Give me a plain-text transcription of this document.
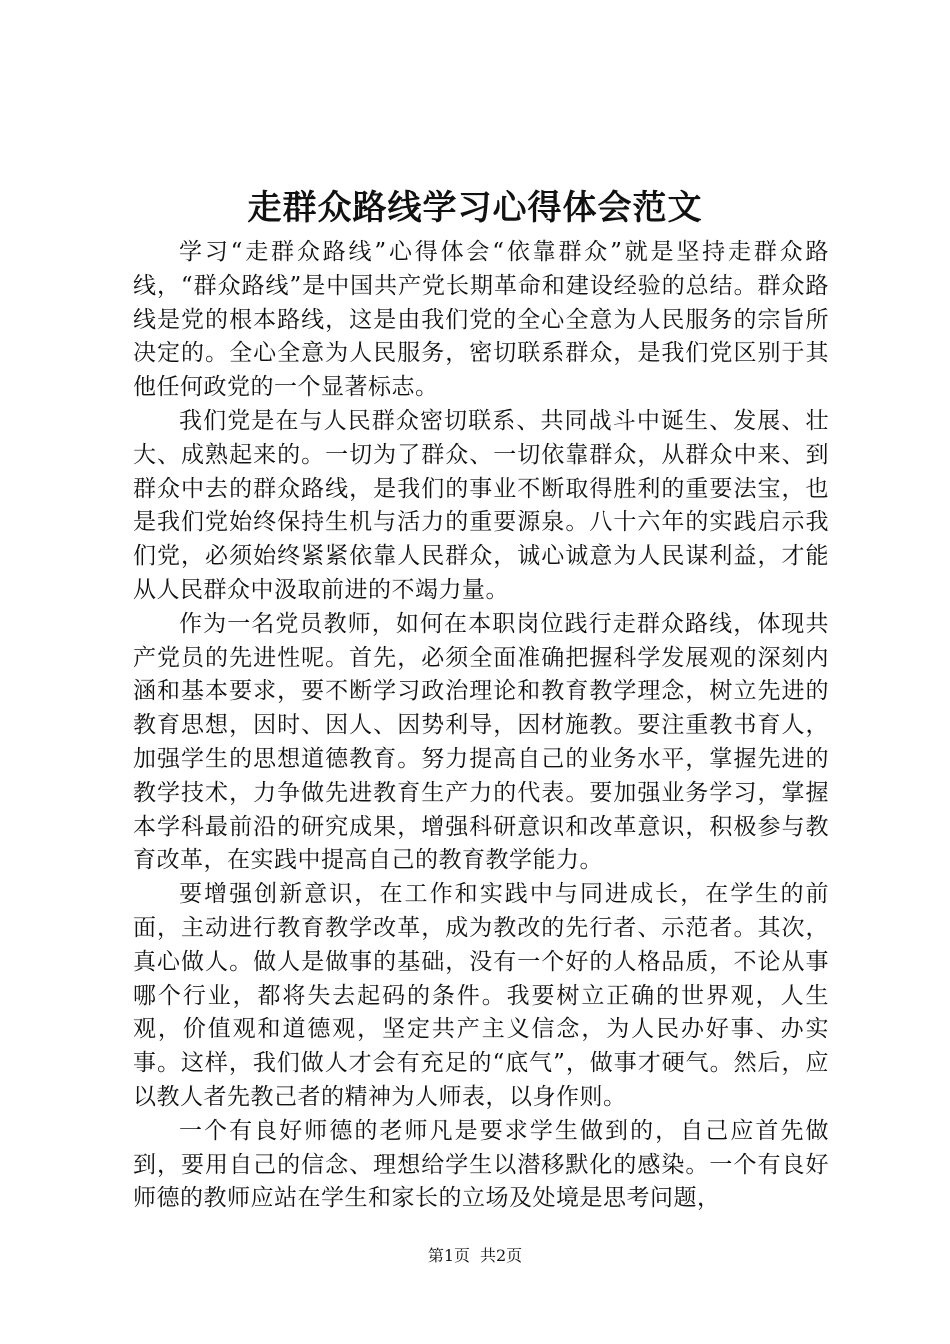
走群众路线学习心得体会范文

学习“走群众路线”心得体会“依靠群众”就是坚持走群众路线，“群众路线”是中国共产党长期革命和建设经验的总结。群众路线是党的根本路线，这是由我们党的全心全意为人民服务的宗旨所决定的。全心全意为人民服务，密切联系群众，是我们党区别于其他任何政党的一个显著标志。

我们党是在与人民群众密切联系、共同战斗中诞生、发展、壮大、成熟起来的。一切为了群众、一切依靠群众，从群众中来、到群众中去的群众路线，是我们的事业不断取得胜利的重要法宝，也是我们党始终保持生机与活力的重要源泉。八十六年的实践启示我们党，必须始终紧紧依靠人民群众，诚心诚意为人民谋利益，才能从人民群众中汲取前进的不竭力量。

作为一名党员教师，如何在本职岗位践行走群众路线，体现共产党员的先进性呢。首先，必须全面准确把握科学发展观的深刻内涵和基本要求，要不断学习政治理论和教育教学理念，树立先进的教育思想，因时、因人、因势利导，因材施教。要注重教书育人，加强学生的思想道德教育。努力提高自己的业务水平，掌握先进的教学技术，力争做先进教育生产力的代表。要加强业务学习，掌握本学科最前沿的研究成果，增强科研意识和改革意识，积极参与教育改革，在实践中提高自己的教育教学能力。

要增强创新意识，在工作和实践中与同进成长，在学生的前面，主动进行教育教学改革，成为教改的先行者、示范者。其次，真心做人。做人是做事的基础，没有一个好的人格品质，不论从事哪个行业，都将失去起码的条件。我要树立正确的世界观，人生观，价值观和道德观，坚定共产主义信念，为人民办好事、办实事。这样，我们做人才会有充足的“底气”，做事才硬气。然后，应以教人者先教己者的精神为人师表，以身作则。

一个有良好师德的老师凡是要求学生做到的，自己应首先做到，要用自己的信念、理想给学生以潜移默化的感染。一个有良好师德的教师应站在学生和家长的立场及处境是思考问题，

第1页 共2页
